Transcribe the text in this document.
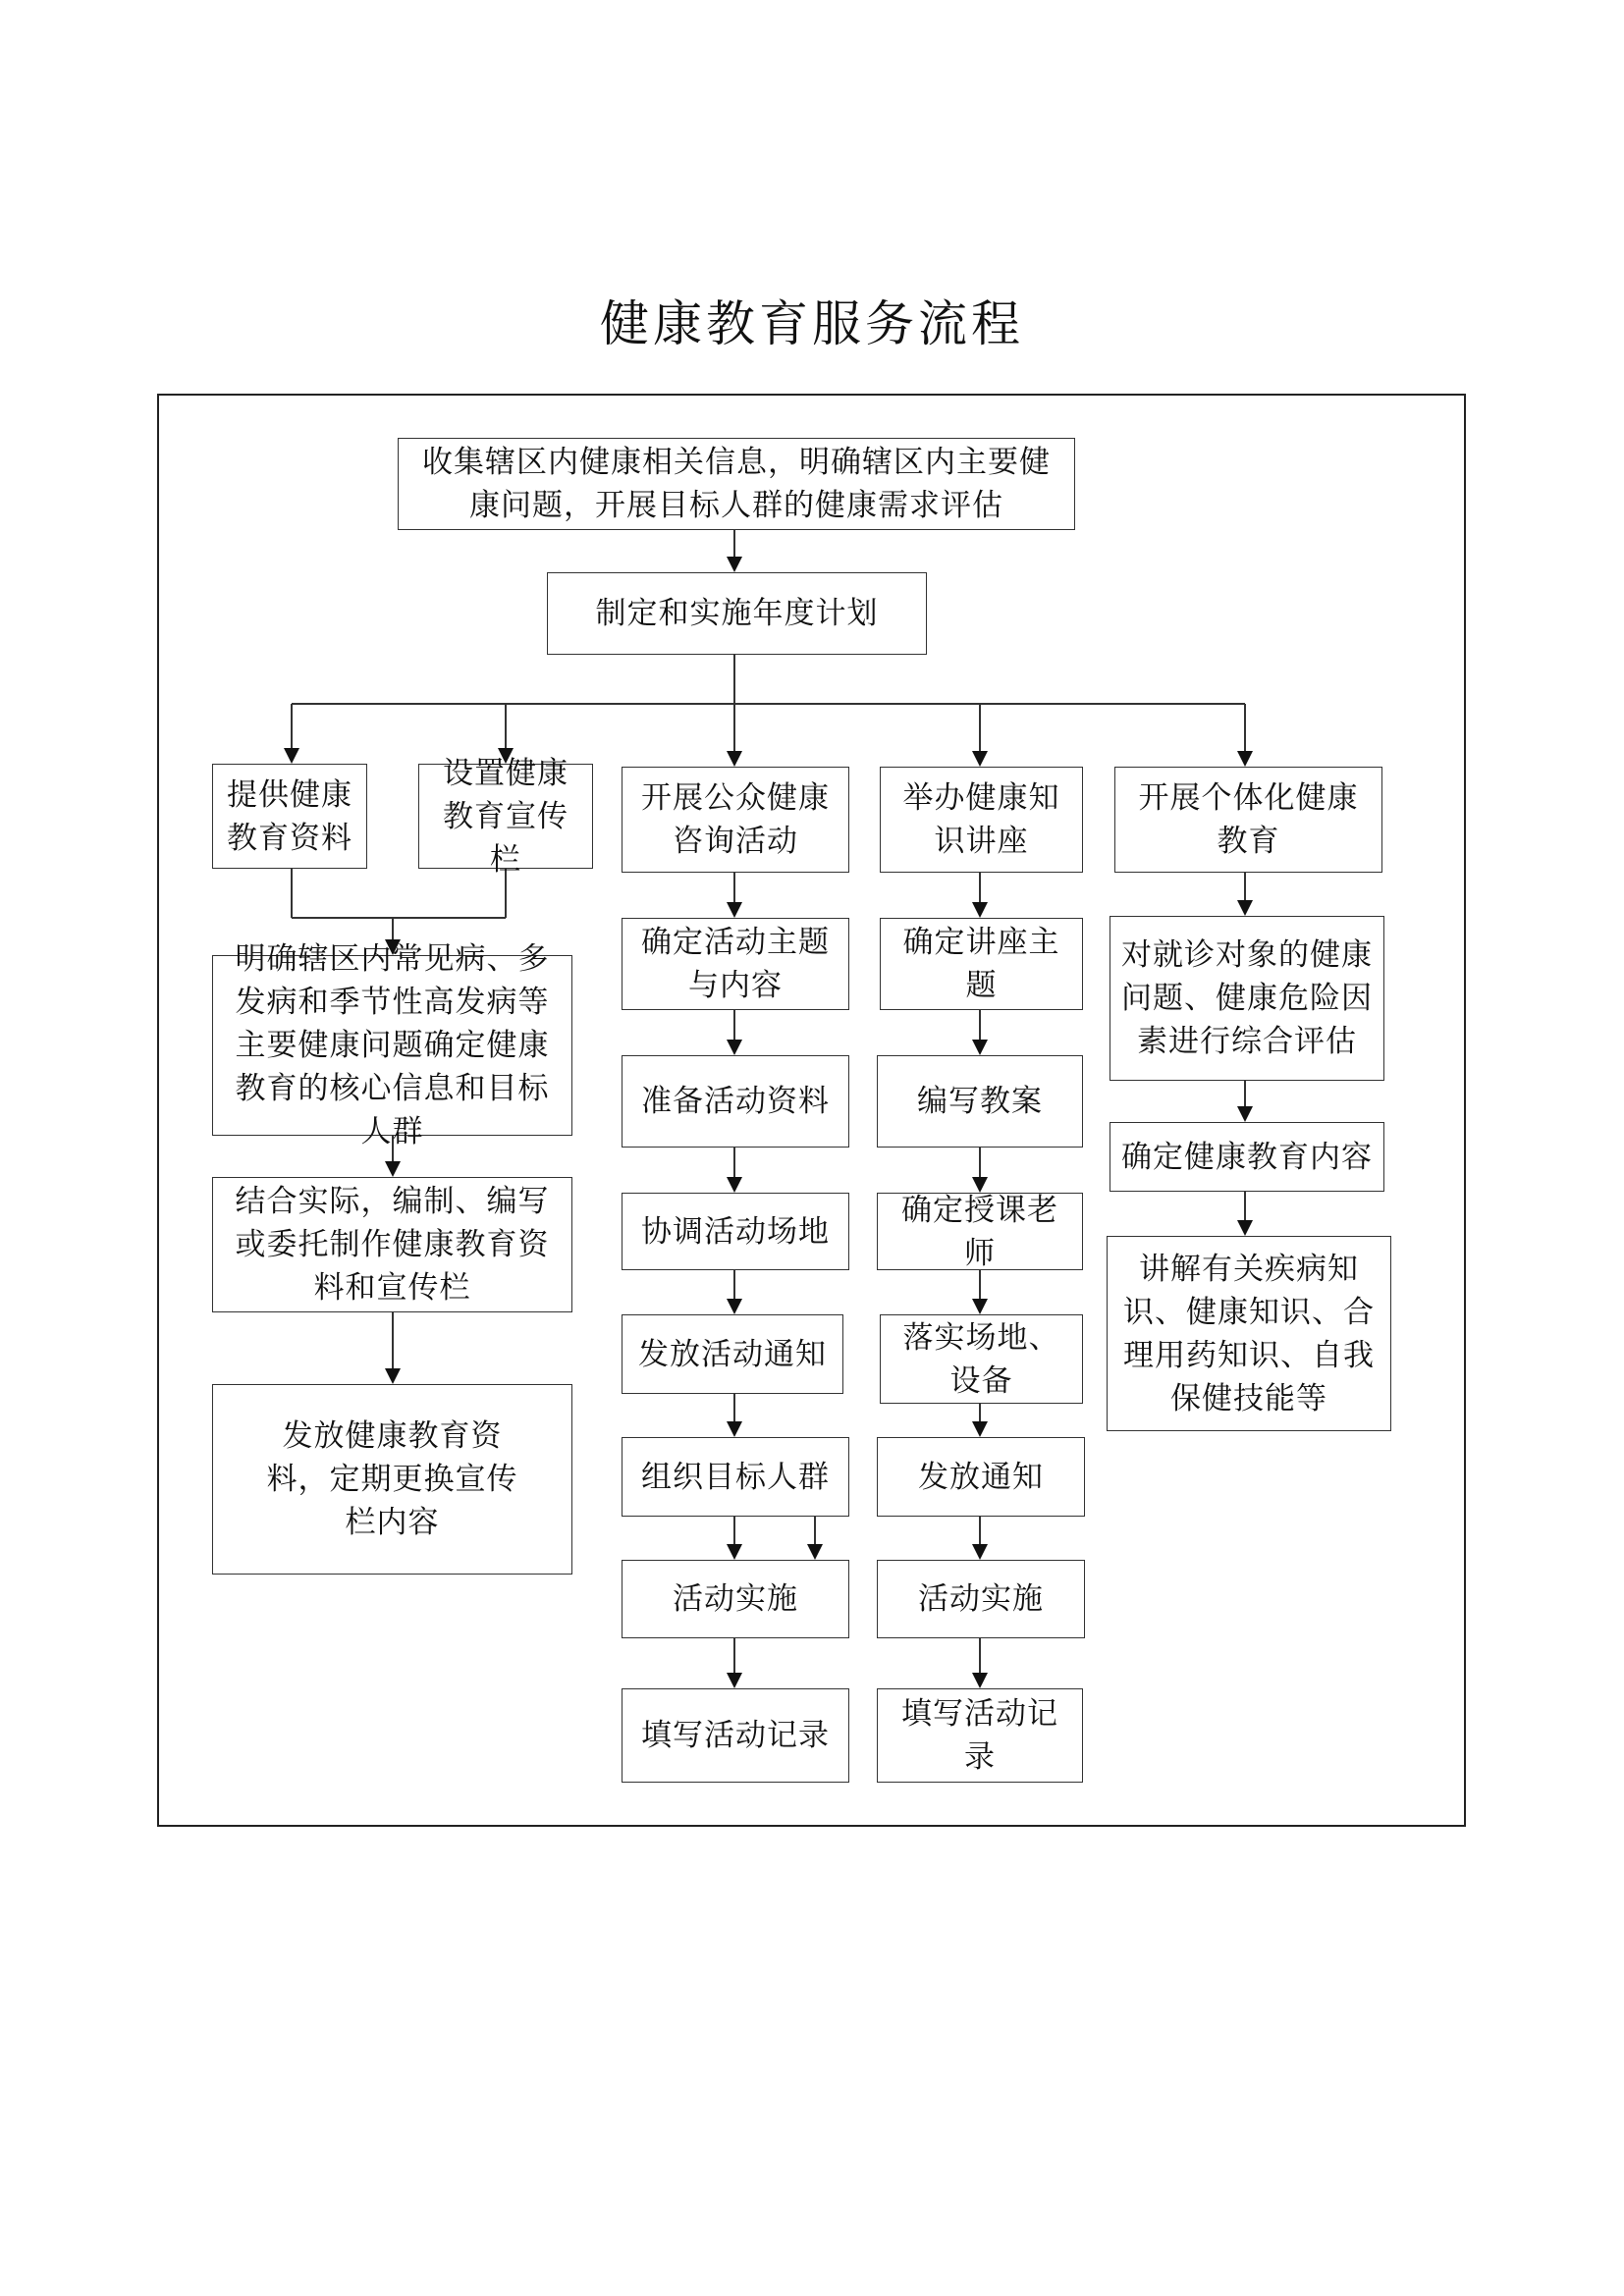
健康教育服务流程
收集辖区内健康相关信息，明确辖区内主要健康问题，开展目标人群的健康需求评估
制定和实施年度计划
提供健康教育资料
设置健康教育宣传栏
开展公众健康咨询活动
举办健康知识讲座
开展个体化健康教育
明确辖区内常见病、多发病和季节性高发病等主要健康问题确定健康教育的核心信息和目标人群
结合实际，编制、编写或委托制作健康教育资料和宣传栏
发放健康教育资料，定期更换宣传栏内容
确定活动主题与内容
准备活动资料
协调活动场地
发放活动通知
组织目标人群
活动实施
填写活动记录
确定讲座主题
编写教案
确定授课老师
落实场地、设备
发放通知
活动实施
填写活动记录
对就诊对象的健康问题、健康危险因素进行综合评估
确定健康教育内容
讲解有关疾病知识、健康知识、合理用药知识、自我保健技能等
